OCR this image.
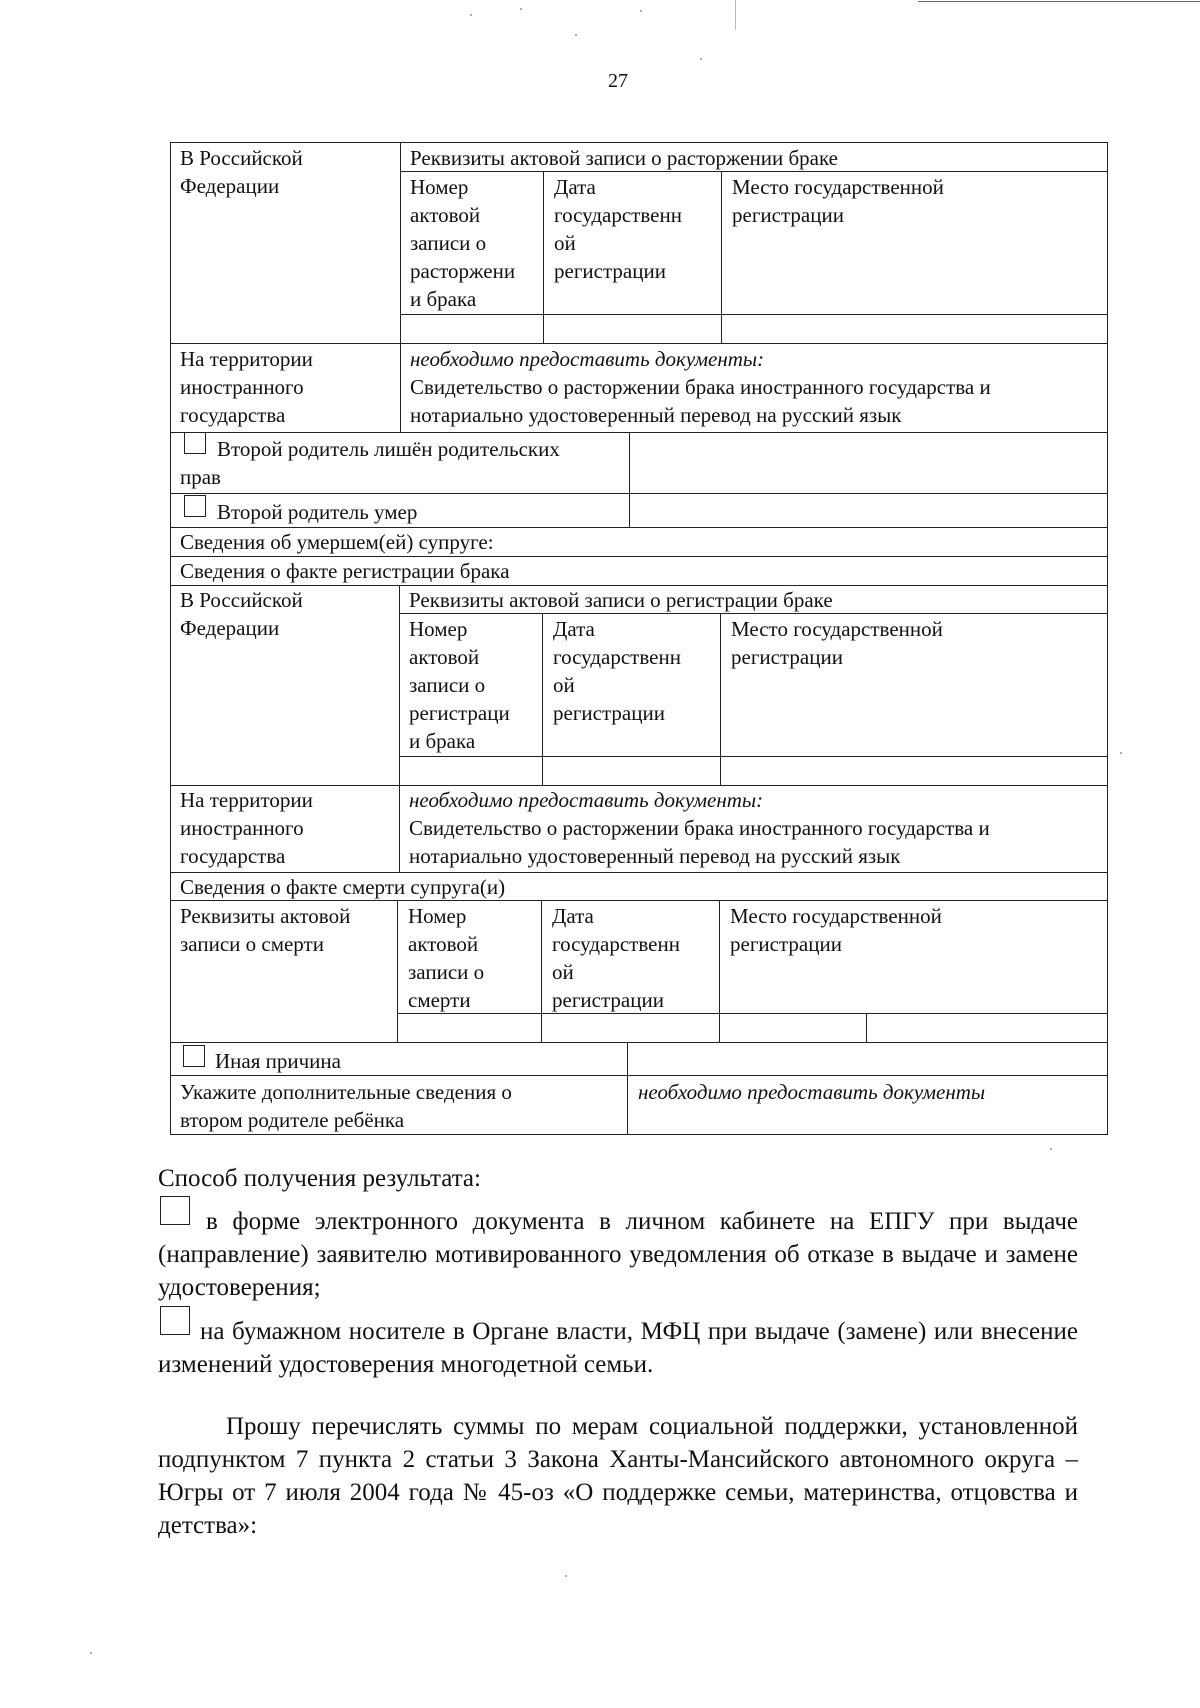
27
В Российской
Федерации
Реквизиты актовой записи о расторжении браке
Номер
актовой
записи о
расторжени
и брака
Дата
государственн
ой
регистрации
Место государственной
регистрации
На территории
иностранного
государства
необходимо предоставить документы:
Свидетельство о расторжении брака иностранного государства и
нотариально удостоверенный перевод на русский язык
Второй родитель лишён родительских
прав
Второй родитель умер
Сведения об умершем(ей) супруге:
Сведения о факте регистрации брака
В Российской
Федерации
Реквизиты актовой записи о регистрации браке
Номер
актовой
записи о
регистраци
и брака
Дата
государственн
ой
регистрации
Место государственной
регистрации
На территории
иностранного
государства
необходимо предоставить документы:
Свидетельство о расторжении брака иностранного государства и
нотариально удостоверенный перевод на русский язык
Сведения о факте смерти супруга(и)
Реквизиты актовой
записи о смерти
Номер
актовой
записи о
смерти
Дата
государственн
ой
регистрации
Место государственной
регистрации
Иная причина
Укажите дополнительные сведения о
втором родителе ребёнка
необходимо предоставить документы
Способ получения результата:
в форме электронного документа в личном кабинете на ЕПГУ при выдаче (направление) заявителю мотивированного уведомления об отказе в выдаче и замене удостоверения;
на бумажном носителе в Органе власти, МФЦ при выдаче (замене) или внесение изменений удостоверения многодетной семьи.
Прошу перечислять суммы по мерам социальной поддержки, установленной подпунктом 7 пункта 2 статьи 3 Закона Ханты-Мансийского автономного округа – Югры от 7 июля 2004 года № 45-оз «О поддержке семьи, материнства, отцовства и детства»:
